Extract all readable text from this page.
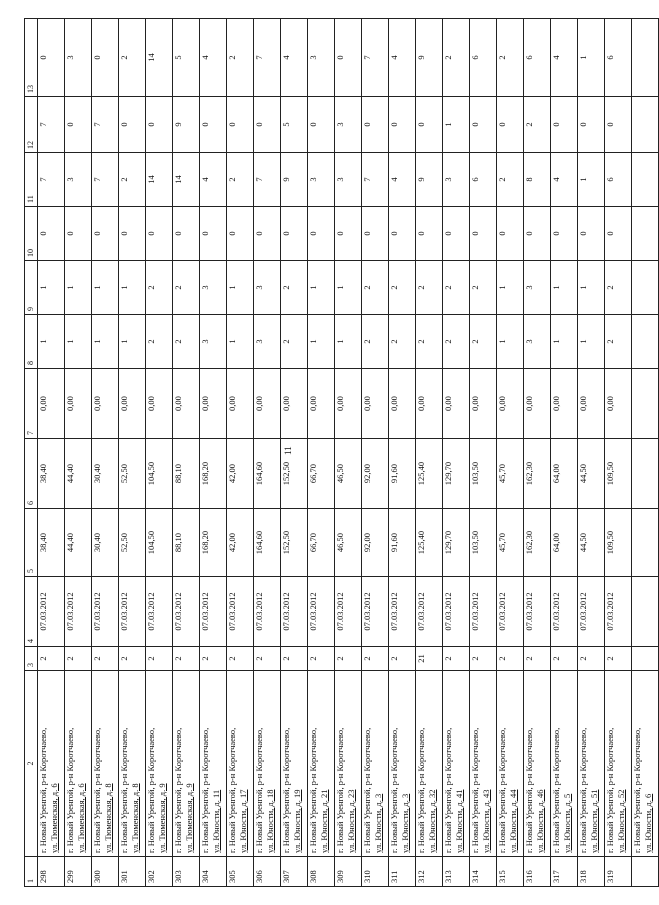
11
1	2	3	4	5	6	7	8	9	10	11	12	13
298	г. Новый Уренгой, р-н Коротчаево, ул. Тюменская, д. 6	2	07.03.2012	38,40	38,40	0,00	1	1	0	7	7	0
299	г. Новый Уренгой, р-н Коротчаево, ул. Тюменская, д. 6	2	07.03.2012	44,40	44,40	0,00	1	1	0	3	0	3
300	г. Новый Уренгой, р-н Коротчаево, ул. Тюменская, д. 8	2	07.03.2012	30,40	30,40	0,00	1	1	0	7	7	0
301	г. Новый Уренгой, р-н Коротчаево, ул. Тюменская, д. 8	2	07.03.2012	52,50	52,50	0,00	1	1	0	2	0	2
302	г. Новый Уренгой, р-н Коротчаево, ул. Тюменская, д. 9	2	07.03.2012	104,50	104,50	0,00	2	2	0	14	0	14
303	г. Новый Уренгой, р-н Коротчаево, ул. Тюменская, д. 9	2	07.03.2012	88,10	88,10	0,00	2	2	0	14	9	5
304	г. Новый Уренгой, р-н Коротчаево, ул. Юности, д. 11	2	07.03.2012	168,20	168,20	0,00	3	3	0	4	0	4
305	г. Новый Уренгой, р-н Коротчаево, ул. Юности, д. 17	2	07.03.2012	42,00	42,00	0,00	1	1	0	2	0	2
306	г. Новый Уренгой, р-н Коротчаево, ул. Юности, д. 18	2	07.03.2012	164,60	164,60	0,00	3	3	0	7	0	7
307	г. Новый Уренгой, р-н Коротчаево, ул. Юности, д. 19	2	07.03.2012	152,50	152,50	0,00	2	2	0	9	5	4
308	г. Новый Уренгой, р-н Коротчаево, ул. Юности, д. 21	2	07.03.2012	66,70	66,70	0,00	1	1	0	3	0	3
309	г. Новый Уренгой, р-н Коротчаево, ул. Юности, д. 23	2	07.03.2012	46,50	46,50	0,00	1	1	0	3	3	0
310	г. Новый Уренгой, р-н Коротчаево, ул. Юности, д. 3	2	07.03.2012	92,00	92,00	0,00	2	2	0	7	0	7
311	г. Новый Уренгой, р-н Коротчаево, ул. Юности, д. 3	2	07.03.2012	91,60	91,60	0,00	2	2	0	4	0	4
312	г. Новый Уренгой, р-н Коротчаево, ул. Юности, д. 32	21	07.03.2012	125,40	125,40	0,00	2	2	0	9	0	9
313	г. Новый Уренгой, р-н Коротчаево, ул. Юности, д. 41	2	07.03.2012	129,70	129,70	0,00	2	2	0	3	1	2
314	г. Новый Уренгой, р-н Коротчаево, ул. Юности, д. 43	2	07.03.2012	103,50	103,50	0,00	2	2	0	6	0	6
315	г. Новый Уренгой, р-н Коротчаево, ул. Юности, д. 44	2	07.03.2012	45,70	45,70	0,00	1	1	0	2	0	2
316	г. Новый Уренгой, р-н Коротчаево, ул. Юности, д. 46	2	07.03.2012	162,30	162,30	0,00	3	3	0	8	2	6
317	г. Новый Уренгой, р-н Коротчаево, ул. Юности, д. 5	2	07.03.2012	64,00	64,00	0,00	1	1	0	4	0	4
318	г. Новый Уренгой, р-н Коротчаево, ул. Юности, д. 51	2	07.03.2012	44,50	44,50	0,00	1	1	0	1	0	1
319	г. Новый Уренгой, р-н Коротчаево, ул. Юности, д. 52	2	07.03.2012	109,50	109,50	0,00	2	2	0	6	0	6

	г. Новый Уренгой, р-н Коротчаево, ул. Юности, д. 6											
